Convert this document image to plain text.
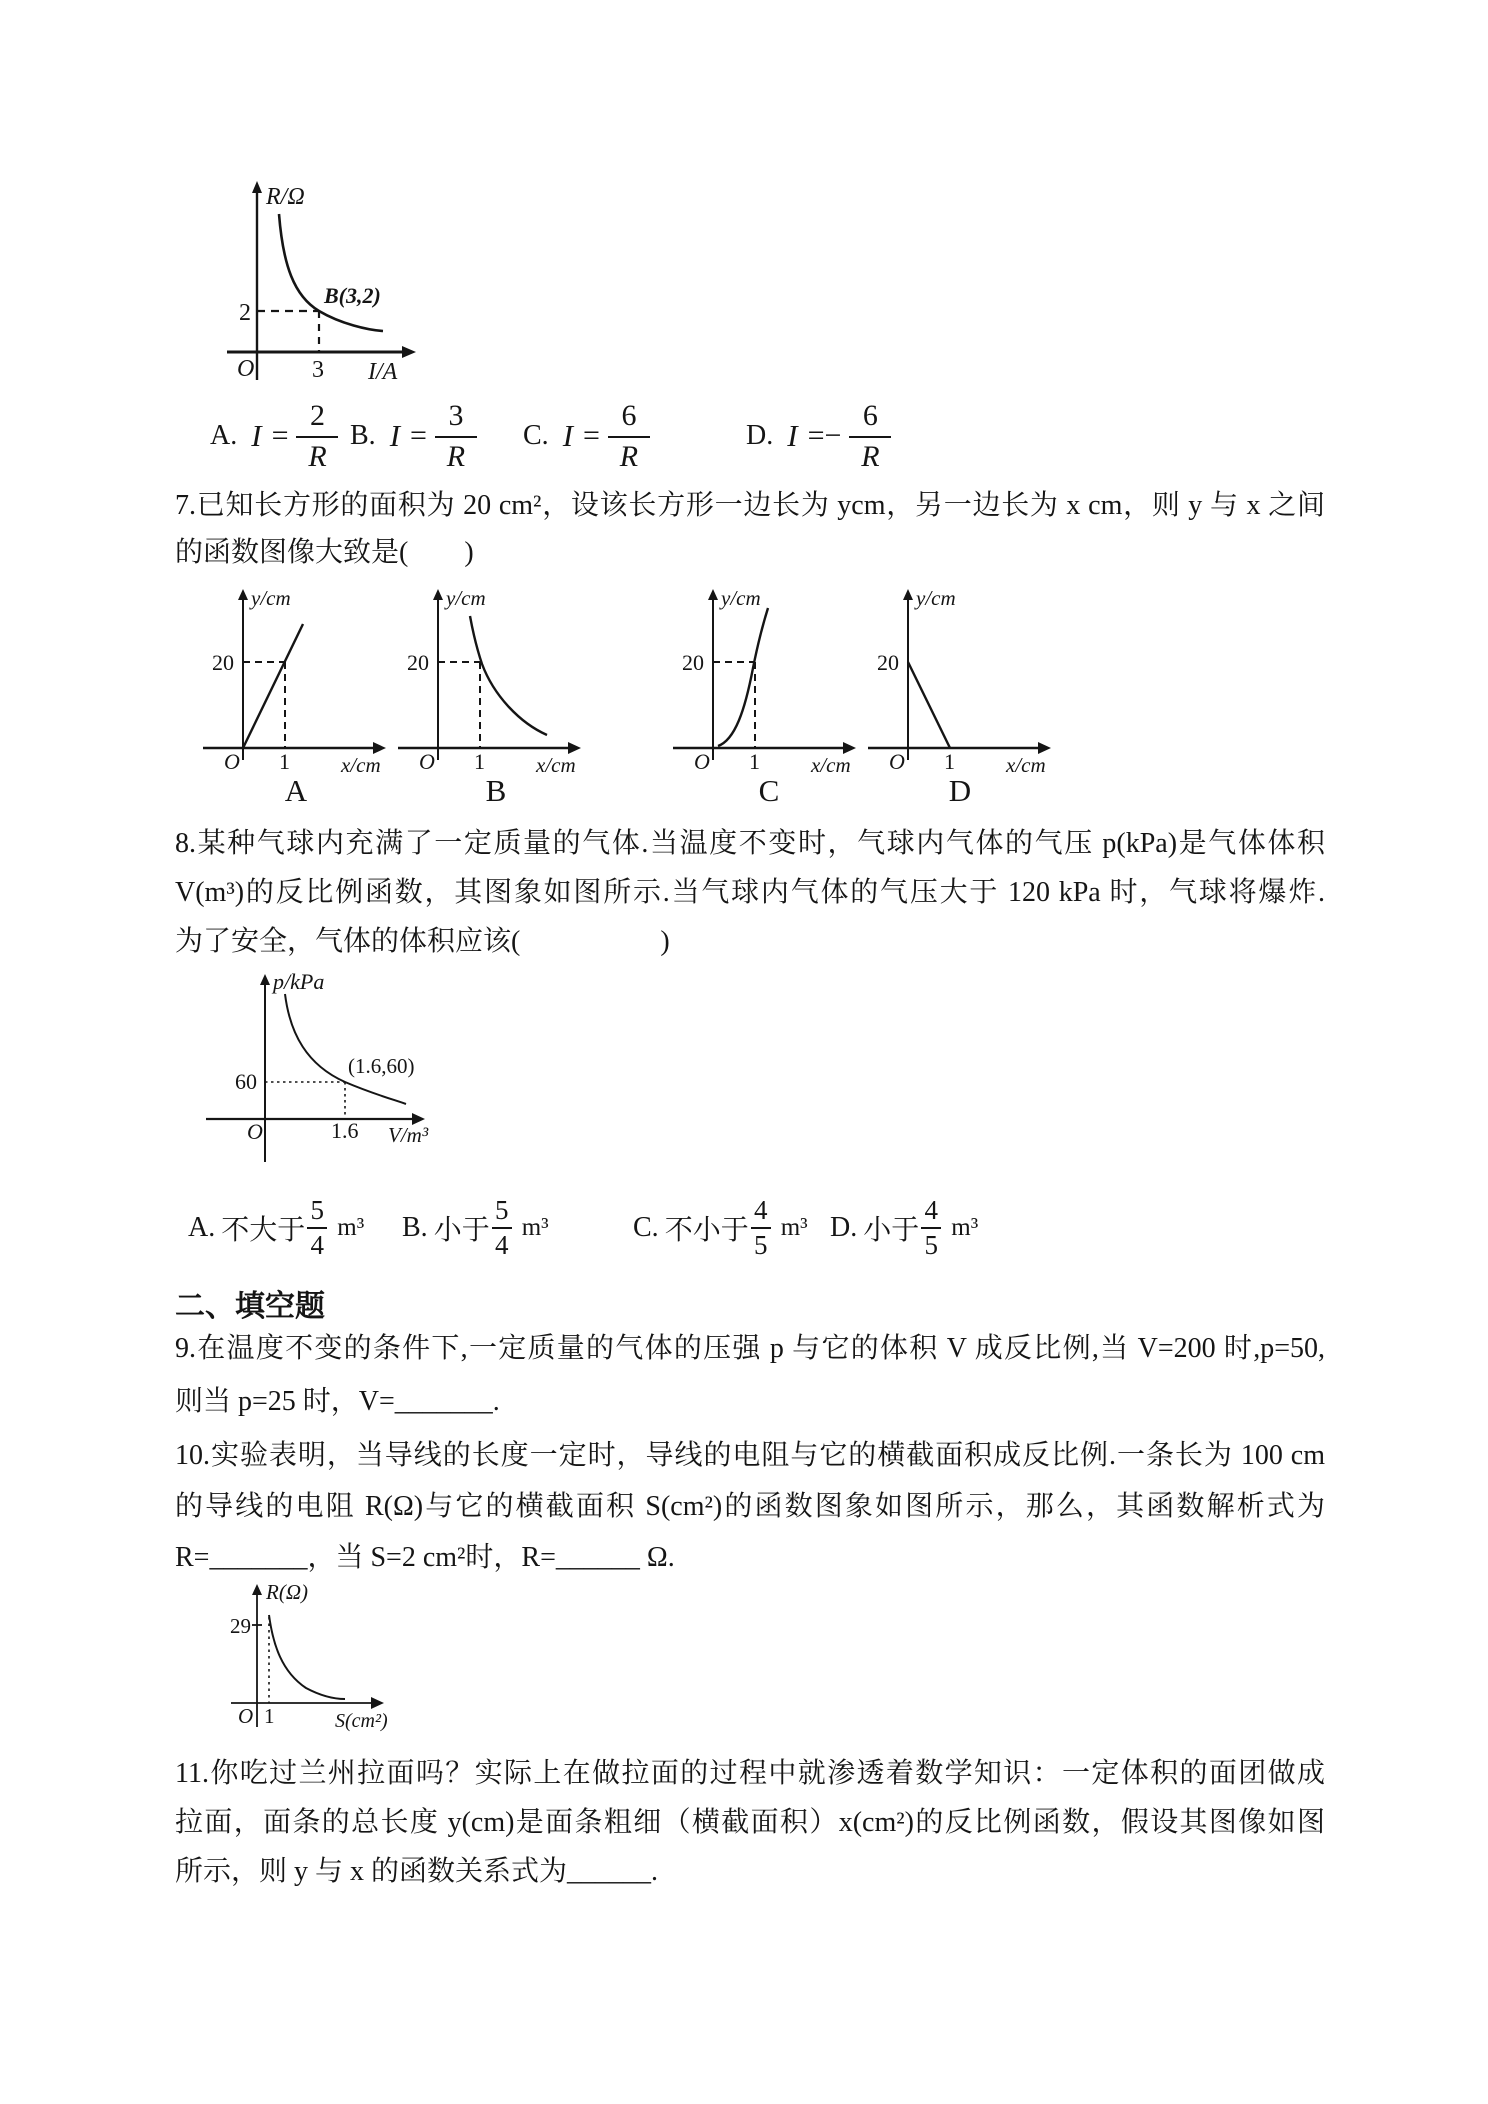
R/Ω
2
B(3,2)
O 3 I/A
A. $I = \frac{2}{R} B$. $I = \frac{3}{R} C$. $I = \frac{6}{R}$	D. $I =- \frac{6}{R}$
7.已知长方形的面积为 20 cm²，设该长方形一边长为 ycm，另一边长为 x cm，则 y 与 x 之间
的函数图像大致是(　　)
y/cm
20
O 1 x/cm
y/cm
20
O 1 x/cm
y/cm
20
O 1 x/cm
y/cm
20
O 1 x/cm
A	B	C	D
8.某种气球内充满了一定质量的气体.当温度不变时，气球内气体的气压 p(kPa)是气体体积
V(m³)的反比例函数，其图象如图所示.当气球内气体的气压大于 120 kPa 时，气球将爆炸.
为了安全，气体的体积应该(　　　　　)
p/kPa
60
(1.6,60)
O	1.6 V/m³
A. 不大于 $\frac{5}{4} m^3$ B. 小于 $\frac{5}{4} m^3$	C. 不小于 $\frac{4}{5} m^3$ D. 小于 $\frac{4}{5} m^3$
二、填空题
9.在温度不变的条件下,一定质量的气体的压强 p 与它的体积 V 成反比例,当 V=200 时,p=50,
则当 p=25 时，V=_______.
10.实验表明，当导线的长度一定时，导线的电阻与它的横截面积成反比例.一条长为 100 cm
的导线的电阻 R(Ω)与它的横截面积 S(cm²)的函数图象如图所示，那么，其函数解析式为
R=_______，当 S=2 cm²时，R=______ Ω.
R(Ω)
29
O 1	S(cm²)
11.你吃过兰州拉面吗？实际上在做拉面的过程中就渗透着数学知识：一定体积的面团做成
拉面，面条的总长度 y(cm)是面条粗细（横截面积）x(cm²)的反比例函数，假设其图像如图
所示，则 y 与 x 的函数关系式为______.
